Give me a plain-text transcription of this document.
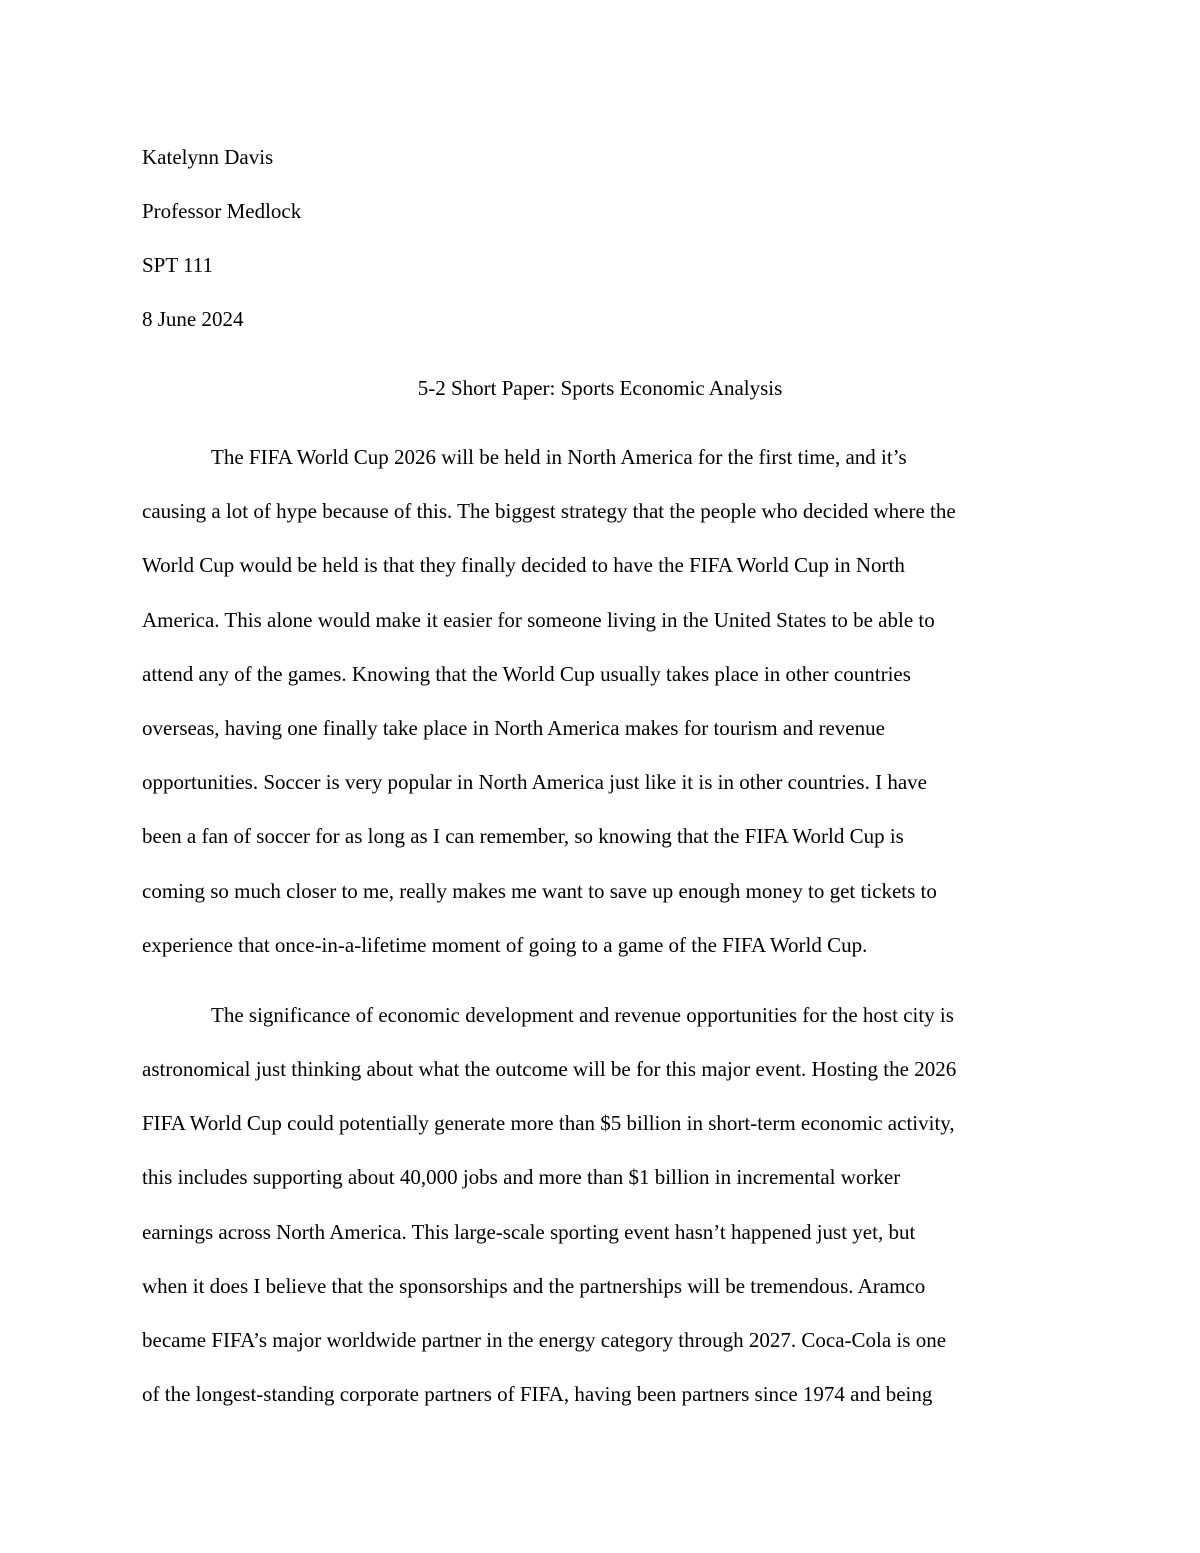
Katelynn Davis
Professor Medlock
SPT 111
8 June 2024
5-2 Short Paper: Sports Economic Analysis
The FIFA World Cup 2026 will be held in North America for the first time, and it’s
causing a lot of hype because of this. The biggest strategy that the people who decided where the
World Cup would be held is that they finally decided to have the FIFA World Cup in North
America. This alone would make it easier for someone living in the United States to be able to
attend any of the games. Knowing that the World Cup usually takes place in other countries
overseas, having one finally take place in North America makes for tourism and revenue
opportunities. Soccer is very popular in North America just like it is in other countries. I have
been a fan of soccer for as long as I can remember, so knowing that the FIFA World Cup is
coming so much closer to me, really makes me want to save up enough money to get tickets to
experience that once-in-a-lifetime moment of going to a game of the FIFA World Cup.
The significance of economic development and revenue opportunities for the host city is
astronomical just thinking about what the outcome will be for this major event. Hosting the 2026
FIFA World Cup could potentially generate more than $5 billion in short-term economic activity,
this includes supporting about 40,000 jobs and more than $1 billion in incremental worker
earnings across North America. This large-scale sporting event hasn’t happened just yet, but
when it does I believe that the sponsorships and the partnerships will be tremendous. Aramco
became FIFA’s major worldwide partner in the energy category through 2027. Coca-Cola is one
of the longest-standing corporate partners of FIFA, having been partners since 1974 and being
